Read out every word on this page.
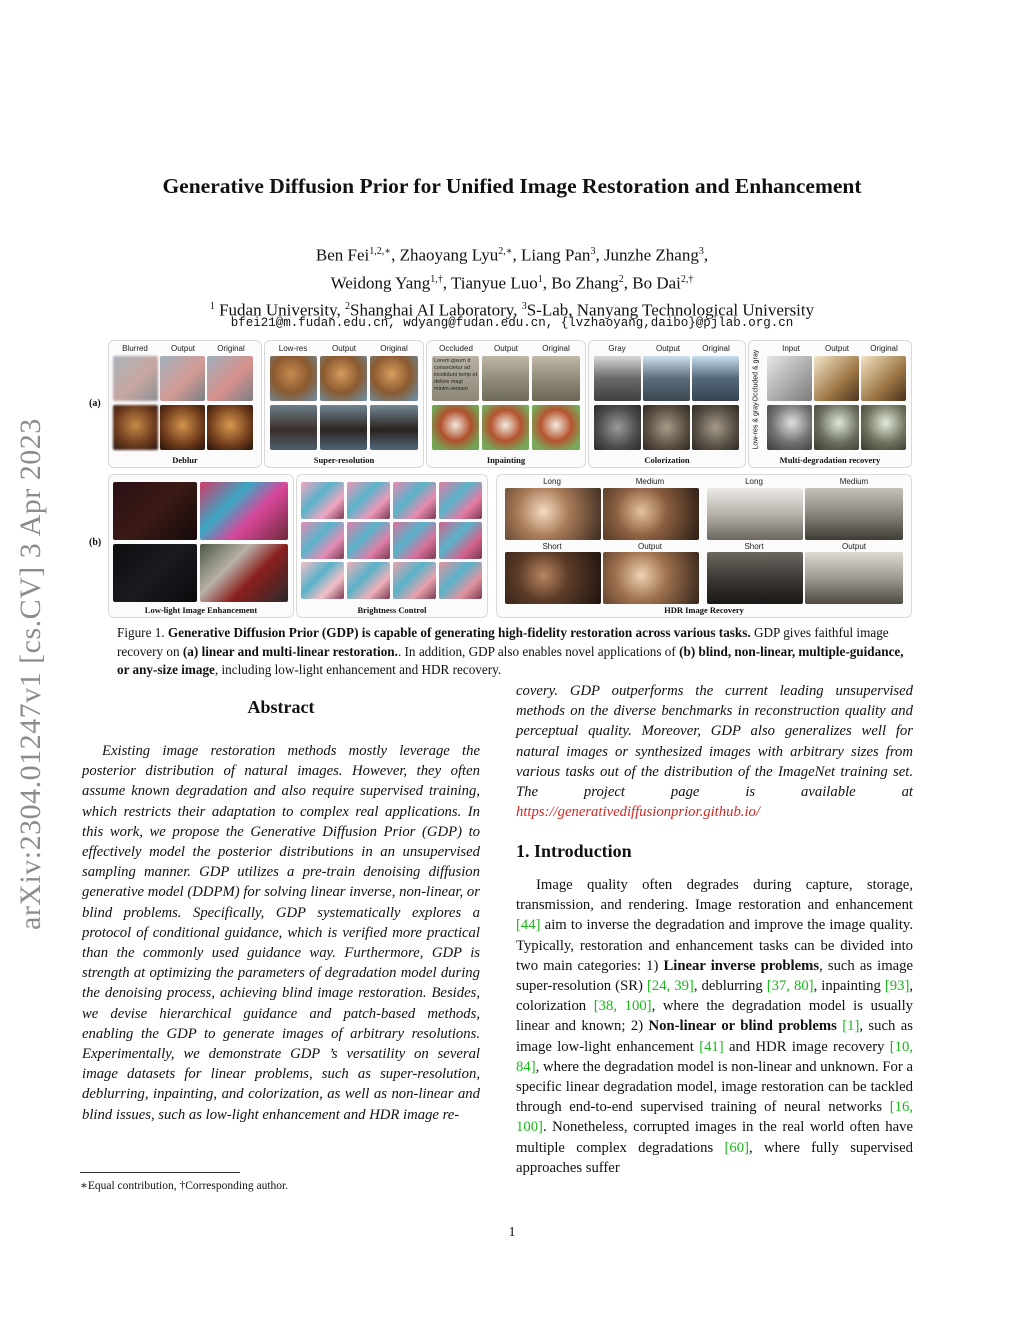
arXiv:2304.01247v1 [cs.CV] 3 Apr 2023
Generative Diffusion Prior for Unified Image Restoration and Enhancement
Ben Fei$^{1,2,∗}$, Zhaoyang Lyu$^{2,∗}$, Liang Pan$^3$, Junzhe Zhang$^3$,
Weidong Yang$^{1,\dagger}$, Tianyue Luo$^1$, Bo Zhang$^2$, Bo Dai$^{2,\dagger}$
$^1$ Fudan University, $^2$Shanghai AI Laboratory, $^3$S-Lab, Nanyang Technological University
bfei21@m.fudan.edu.cn, wdyang@fudan.edu.cn, {lvzhaoyang,daibo}@pjlab.org.cn
(a)
(b)
Blurred	Output	Original
Deblur
Low-res	Output	Original
Super-resolution
Occluded	Output	Original
Lorem ipsum d consectetur ad incididunt temp et dolore magi minim veniam
Inpainting
Gray	Output	Original
Colorization
Input	Output	Original
Occluded & gray
Low-res & gray
Multi-degradation recovery
Low-light Image Enhancement	Brightness Control
Long	Medium	Long	Medium
Short	Output	Short	Output
HDR Image Recovery
Figure 1. Generative Diffusion Prior (GDP) is capable of generating high-fidelity restoration across various tasks. GDP gives faithful image recovery on (a) linear and multi-linear restoration.. In addition, GDP also enables novel applications of (b) blind, non-linear, multiple-guidance, or any-size image, including low-light enhancement and HDR recovery.
Abstract
Existing image restoration methods mostly leverage the posterior distribution of natural images. However, they often assume known degradation and also require supervised training, which restricts their adaptation to complex real applications. In this work, we propose the Generative Diffusion Prior (GDP) to effectively model the posterior distributions in an unsupervised sampling manner. GDP utilizes a pre-train denoising diffusion generative model (DDPM) for solving linear inverse, non-linear, or blind problems. Specifically, GDP systematically explores a protocol of conditional guidance, which is verified more practical than the commonly used guidance way. Furthermore, GDP is strength at optimizing the parameters of degradation model during the denoising process, achieving blind image restoration. Besides, we devise hierarchical guidance and patch-based methods, enabling the GDP to generate images of arbitrary resolutions. Experimentally, we demonstrate GDP ’s versatility on several image datasets for linear problems, such as super-resolution, deblurring, inpainting, and colorization, as well as non-linear and blind issues, such as low-light enhancement and HDR image re-
∗Equal contribution, †Corresponding author.
covery. GDP outperforms the current leading unsupervised methods on the diverse benchmarks in reconstruction quality and perceptual quality. Moreover, GDP also generalizes well for natural images or synthesized images with arbitrary sizes from various tasks out of the distribution of the ImageNet training set. The project page is available at https://generativediffusionprior.github.io/
1. Introduction
Image quality often degrades during capture, storage, transmission, and rendering. Image restoration and enhancement [44] aim to inverse the degradation and improve the image quality. Typically, restoration and enhancement tasks can be divided into two main categories: 1) Linear inverse problems, such as image super-resolution (SR) [24, 39], deblurring [37, 80], inpainting [93], colorization [38, 100], where the degradation model is usually linear and known; 2) Non-linear or blind problems [1], such as image low-light enhancement [41] and HDR image recovery [10, 84], where the degradation model is non-linear and unknown. For a specific linear degradation model, image restoration can be tackled through end-to-end supervised training of neural networks [16, 100]. Nonetheless, corrupted images in the real world often have multiple complex degradations [60], where fully supervised approaches suffer
1
